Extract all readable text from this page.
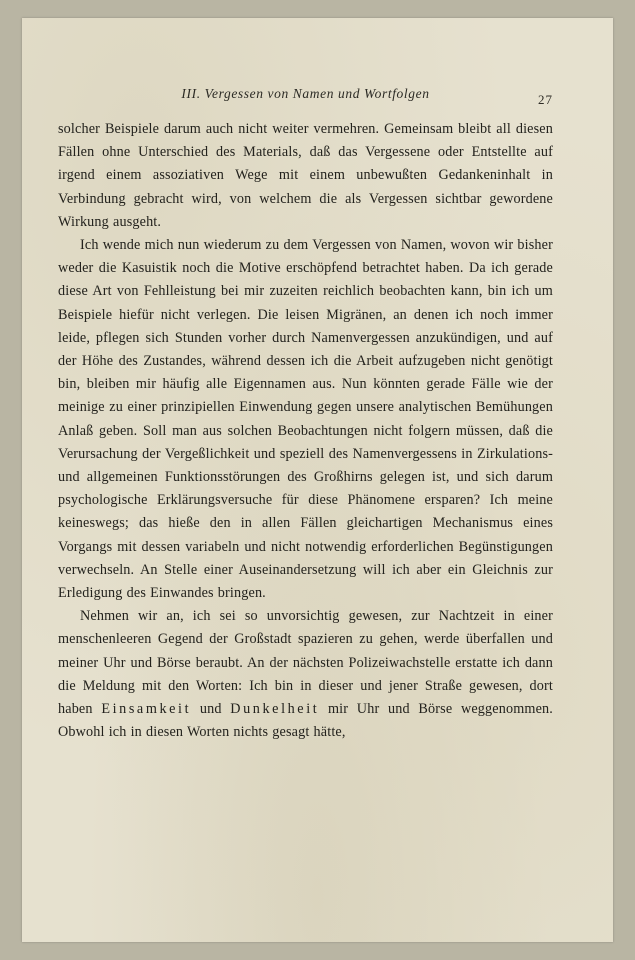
III. Vergessen von Namen und Wortfolgen	27

solcher Beispiele darum auch nicht weiter vermehren. Gemeinsam bleibt all diesen Fällen ohne Unterschied des Materials, daß das Vergessene oder Entstellte auf irgend einem assoziativen Wege mit einem unbewußten Gedankeninhalt in Verbindung gebracht wird, von welchem die als Vergessen sichtbar gewordene Wirkung ausgeht.

Ich wende mich nun wiederum zu dem Vergessen von Namen, wovon wir bisher weder die Kasuistik noch die Motive erschöpfend betrachtet haben. Da ich gerade diese Art von Fehlleistung bei mir zuzeiten reichlich beobachten kann, bin ich um Beispiele hiefür nicht verlegen. Die leisen Migränen, an denen ich noch immer leide, pflegen sich Stunden vorher durch Namenvergessen anzukündigen, und auf der Höhe des Zustandes, während dessen ich die Arbeit aufzugeben nicht genötigt bin, bleiben mir häufig alle Eigennamen aus. Nun könnten gerade Fälle wie der meinige zu einer prinzipiellen Einwendung gegen unsere analytischen Bemühungen Anlaß geben. Soll man aus solchen Beobachtungen nicht folgern müssen, daß die Verursachung der Vergeßlichkeit und speziell des Namenvergessens in Zirkulations- und allgemeinen Funktionsstörungen des Großhirns gelegen ist, und sich darum psychologische Erklärungsversuche für diese Phänomene ersparen? Ich meine keineswegs; das hieße den in allen Fällen gleichartigen Mechanismus eines Vorgangs mit dessen variabeln und nicht notwendig erforderlichen Begünstigungen verwechseln. An Stelle einer Auseinandersetzung will ich aber ein Gleichnis zur Erledigung des Einwandes bringen.

Nehmen wir an, ich sei so unvorsichtig gewesen, zur Nachtzeit in einer menschenleeren Gegend der Großstadt spazieren zu gehen, werde überfallen und meiner Uhr und Börse beraubt. An der nächsten Polizeiwachstelle erstatte ich dann die Meldung mit den Worten: Ich bin in dieser und jener Straße gewesen, dort haben Einsamkeit und Dunkelheit mir Uhr und Börse weggenommen. Obwohl ich in diesen Worten nichts gesagt hätte,
